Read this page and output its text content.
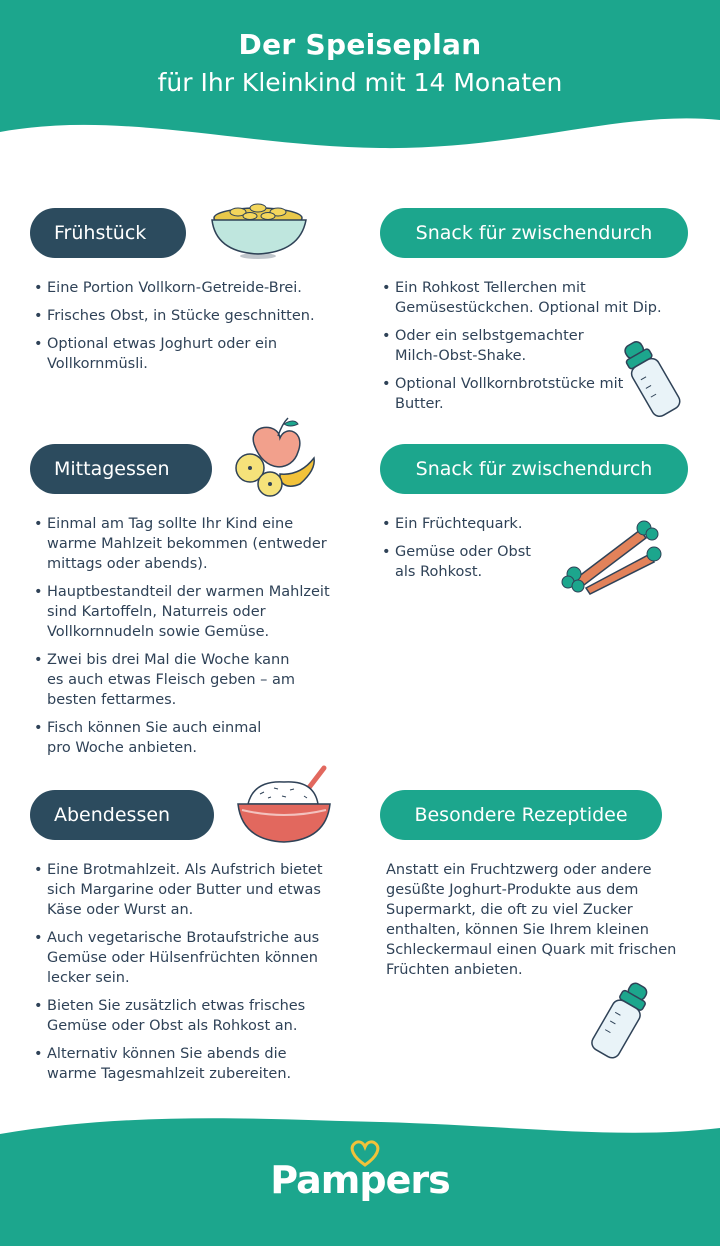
Der Speiseplan
für Ihr Kleinkind mit 14 Monaten
Frühstück
• Eine Portion Vollkorn-Getreide-Brei.
• Frisches Obst, in Stücke geschnitten.
• Optional etwas Joghurt oder ein Vollkornmüsli.
Snack für zwischendurch
• Ein Rohkost Tellerchen mit Gemüsestückchen. Optional mit Dip.
• Oder ein selbstgemachter Milch-Obst-Shake.
• Optional Vollkornbrotstücke mit Butter.
Mittagessen
• Einmal am Tag sollte Ihr Kind eine warme Mahlzeit bekommen (entweder mittags oder abends).
• Hauptbestandteil der warmen Mahlzeit sind Kartoffeln, Naturreis oder Vollkornnudeln sowie Gemüse.
• Zwei bis drei Mal die Woche kann es auch etwas Fleisch geben – am besten fettarmes.
• Fisch können Sie auch einmal pro Woche anbieten.
Snack für zwischendurch
• Ein Früchtequark.
• Gemüse oder Obst als Rohkost.
Abendessen
• Eine Brotmahlzeit. Als Aufstrich bietet sich Margarine oder Butter und etwas Käse oder Wurst an.
• Auch vegetarische Brotaufstriche aus Gemüse oder Hülsenfrüchten können lecker sein.
• Bieten Sie zusätzlich etwas frisches Gemüse oder Obst als Rohkost an.
• Alternativ können Sie abends die warme Tagesmahlzeit zubereiten.
Besondere Rezeptidee

Anstatt ein Fruchtzwerg oder andere gesüßte Joghurt-Produkte aus dem Supermarkt, die oft zu viel Zucker enthalten, können Sie Ihrem kleinen Schleckermaul einen Quark mit frischen Früchten anbieten.

Pampers
